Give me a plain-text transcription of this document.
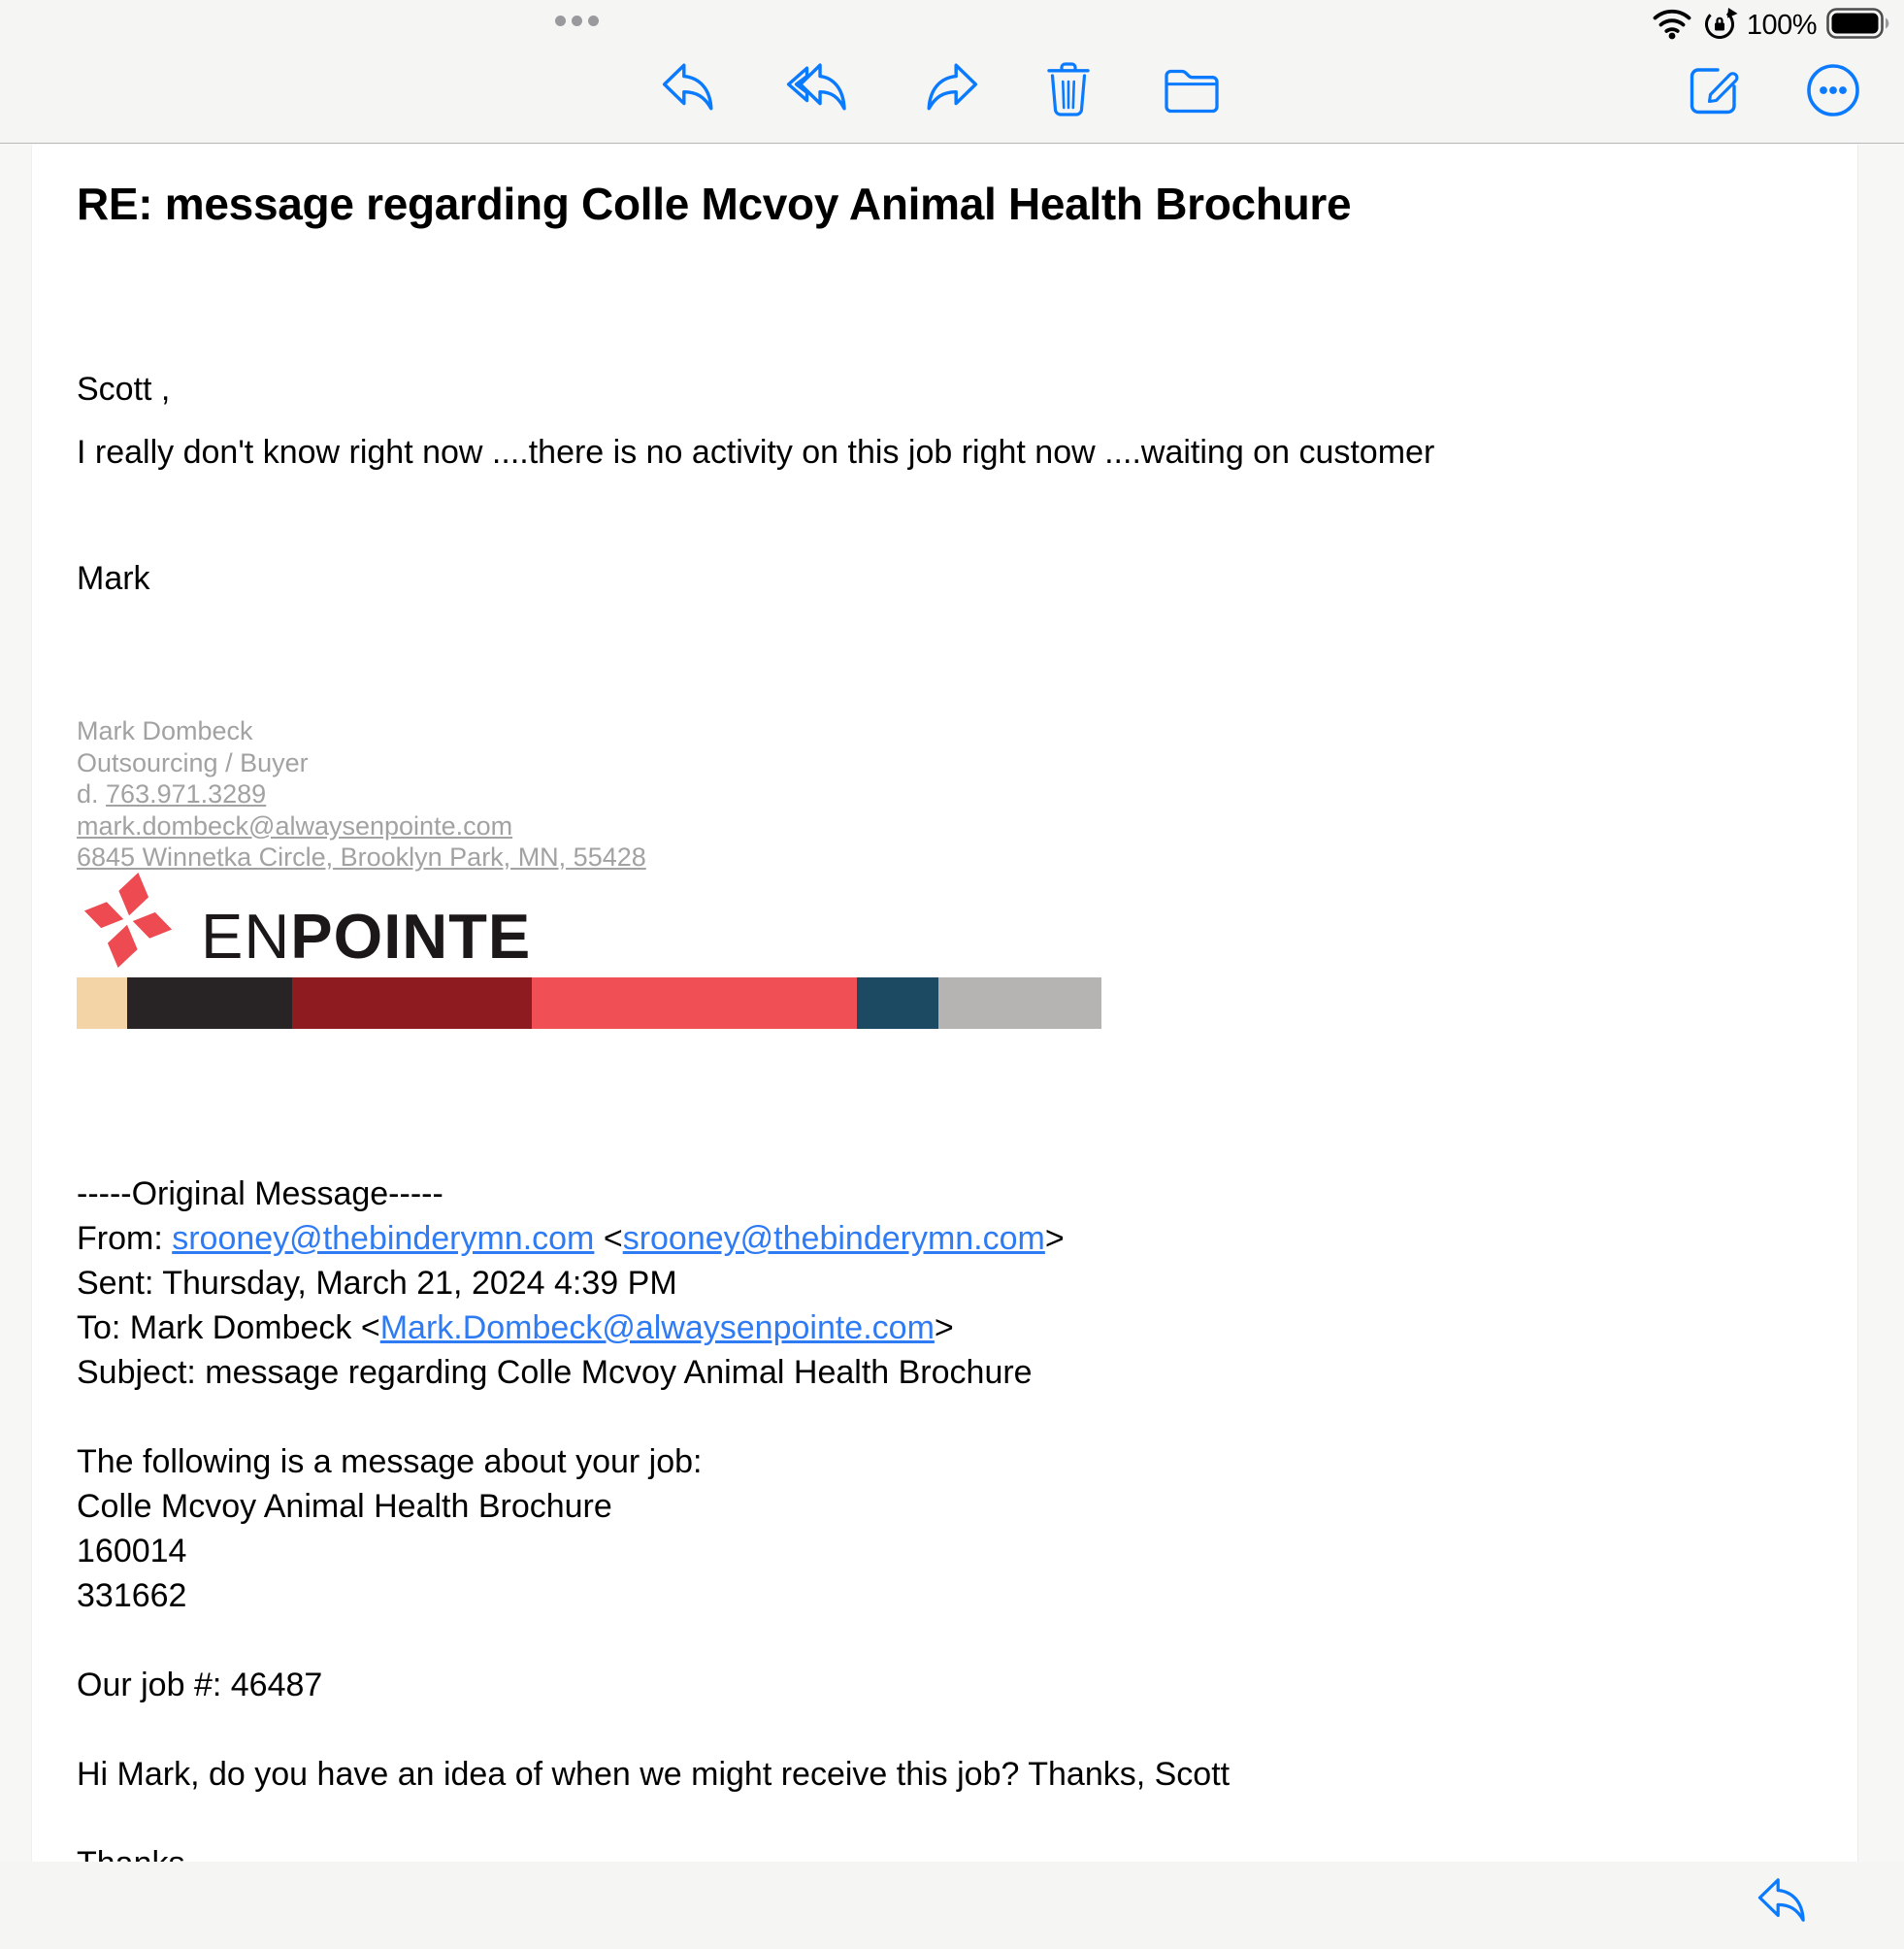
100%
RE: message regarding Colle Mcvoy Animal Health Brochure
Scott ,
I really don't know right now ....there is no activity on this job right now ....waiting on customer

Mark
Mark Dombeck
Outsourcing / Buyer
d. 763.971.3289
mark.dombeck@alwaysenpointe.com
6845 Winnetka Circle, Brooklyn Park, MN, 55428
ENPOINTE
-----Original Message-----
From: srooney@thebinderymn.com <srooney@thebinderymn.com>
Sent: Thursday, March 21, 2024 4:39 PM
To: Mark Dombeck <Mark.Dombeck@alwaysenpointe.com>
Subject: message regarding Colle Mcvoy Animal Health Brochure

The following is a message about your job:
Colle Mcvoy Animal Health Brochure
160014
331662

Our job #: 46487

Hi Mark, do you have an idea of when we might receive this job? Thanks, Scott
